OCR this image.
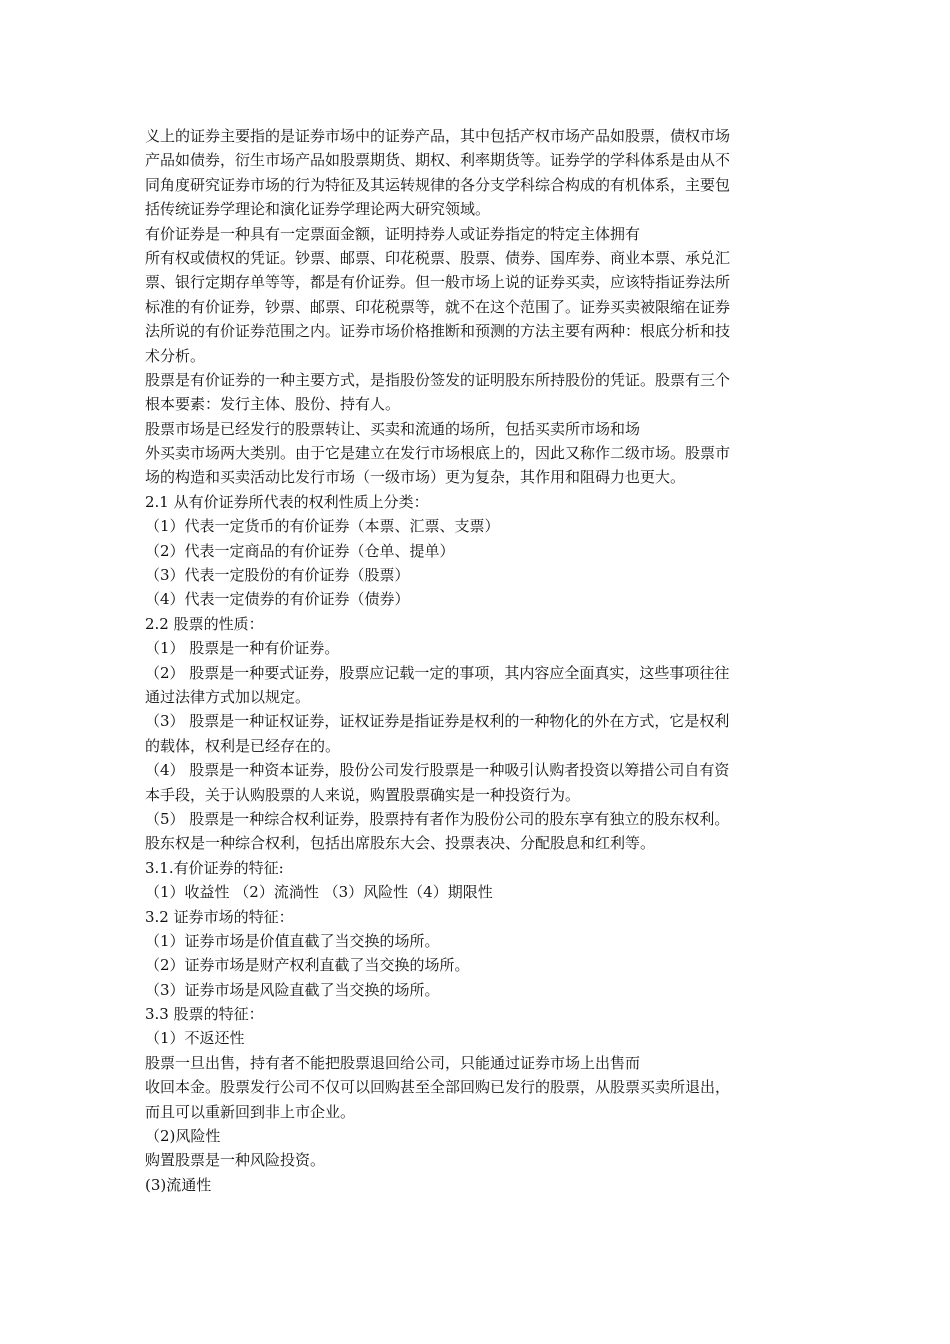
义上的证券主要指的是证券市场中的证券产品，其中包括产权市场产品如股票，债权市场
产品如债券，衍生市场产品如股票期货、期权、利率期货等。证券学的学科体系是由从不
同角度研究证券市场的行为特征及其运转规律的各分支学科综合构成的有机体系，主要包
括传统证券学理论和演化证券学理论两大研究领域。
有价证券是一种具有一定票面金额，证明持券人或证券指定的特定主体拥有
所有权或债权的凭证。钞票、邮票、印花税票、股票、债券、国库券、商业本票、承兑汇
票、银行定期存单等等，都是有价证券。但一般市场上说的证券买卖，应该特指证券法所
标准的有价证券，钞票、邮票、印花税票等，就不在这个范围了。证券买卖被限缩在证券
法所说的有价证券范围之内。证券市场价格推断和预测的方法主要有两种：根底分析和技
术分析。
股票是有价证券的一种主要方式，是指股份签发的证明股东所持股份的凭证。股票有三个
根本要素：发行主体、股份、持有人。
股票市场是已经发行的股票转让、买卖和流通的场所，包括买卖所市场和场
外买卖市场两大类别。由于它是建立在发行市场根底上的，因此又称作二级市场。股票市
场的构造和买卖活动比发行市场（一级市场）更为复杂，其作用和阻碍力也更大。
2.1 从有价证券所代表的权利性质上分类：
（1）代表一定货币的有价证券（本票、汇票、支票）
（2）代表一定商品的有价证券（仓单、提单）
（3）代表一定股份的有价证券（股票）
（4）代表一定债券的有价证券（债券）
2.2 股票的性质：
（1） 股票是一种有价证券。
（2） 股票是一种要式证券，股票应记载一定的事项，其内容应全面真实，这些事项往往
通过法律方式加以规定。
（3） 股票是一种证权证券，证权证券是指证券是权利的一种物化的外在方式，它是权利
的载体，权利是已经存在的。
（4） 股票是一种资本证券，股份公司发行股票是一种吸引认购者投资以筹措公司自有资
本手段，关于认购股票的人来说，购置股票确实是一种投资行为。
（5） 股票是一种综合权利证券，股票持有者作为股份公司的股东享有独立的股东权利。
股东权是一种综合权利，包括出席股东大会、投票表决、分配股息和红利等。
3.1.有价证券的特征:
（1）收益性 （2）流淌性 （3）风险性（4）期限性
3.2 证券市场的特征：
（1）证券市场是价值直截了当交换的场所。
（2）证券市场是财产权利直截了当交换的场所。
（3）证券市场是风险直截了当交换的场所。
3.3 股票的特征：
（1）不返还性
股票一旦出售，持有者不能把股票退回给公司，只能通过证券市场上出售而
收回本金。股票发行公司不仅可以回购甚至全部回购已发行的股票，从股票买卖所退出，
而且可以重新回到非上市企业。
（2)风险性
购置股票是一种风险投资。
(3)流通性
